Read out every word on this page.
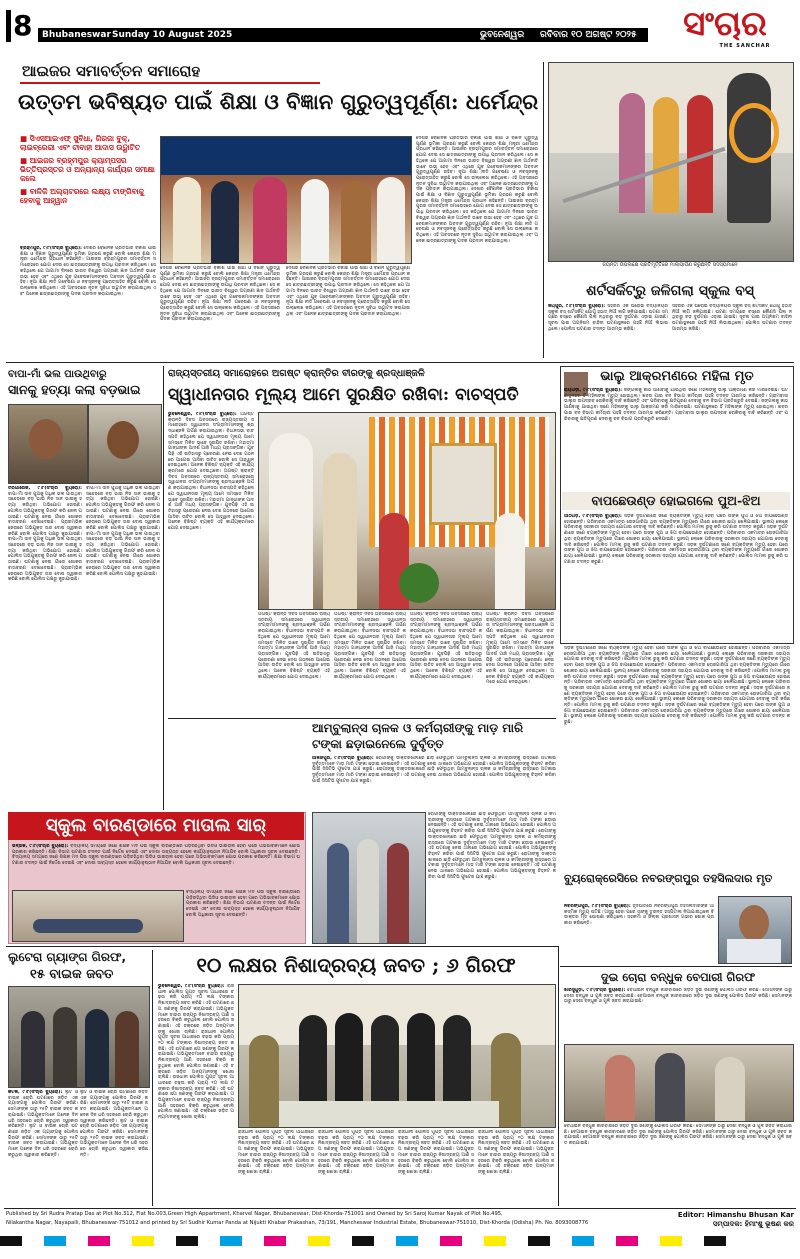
8 Bhubaneswar Sunday 10 August 2025	ଭୁବନେଶ୍ୱର ରବିବାର ୧୦ ଅଗଷ୍ଟ ୨୦୨୫	ସଂଚାର
THE SANCHAR
ଆଇଜର ସମାବର୍ତ୍ତନ ସମାରୋହ
ଉତ୍ତମ ଭବିଷ୍ୟତ ପାଇଁ ଶିକ୍ଷା ଓ ବିଜ୍ଞାନ ଗୁରୁତ୍ୱପୂର୍ଣ୍ଣ: ଧର୍ମେନ୍ଦ୍ର
■ ସିଏସଆଇଏଫ୍ ସୁବିଧା, ଗିରଜା ବୁକ୍, ଲାଇବ୍ରେରୀ ଏବଂ ଚୀବାହୀ ଆଦାସ ଉଦ୍ଘାଟିତ
■ ଆଇଜର ବ୍ରହ୍ମପୁର କ୍ୟାମ୍ପସର ଭିତ୍ତିପ୍ରସ୍ତର ଓ ଅନ୍ୟାନ୍ୟ କାର୍ଯ୍ୟର ସମୀକ୍ଷା କଲେ
■ ବାଳିକି ଅଲ୍ଚାଟରରେ ଲକ୍ଷ୍ୟ ଟାଙ୍ଗିବାକୁ ହେବାକୁ ଆହ୍ୱାନ
ବ୍ରହ୍ମପୁର, ୯।୮(ସଂଚାର ବ୍ୟୁରୋ): ଦେଶର ବୈଜ୍ଞାନିକ ପ୍ରତିଭାର ବିକାଶ ପାଇଁ ଶିକ୍ଷା ଓ ବିଜ୍ଞାନ ଗୁରୁତ୍ୱପୂର୍ଣ୍ଣ ଭୂମିକା ଗ୍ରହଣ କରୁଛି ବୋଲି କେନ୍ଦ୍ର ଶିକ୍ଷା ମନ୍ତ୍ରୀ ଧର୍ମେନ୍ଦ୍ର ପ୍ରଧାନ କହିଛନ୍ତି। ଆଇଜର ବ୍ରହ୍ମପୁରର ସମାବର୍ତ୍ତନ ସମାରୋହରେ ଯୋଗ ଦେଇ ସେ ଛାତ୍ରଛାତ୍ରୀଙ୍କୁ ଉପାଧି ପ୍ରଦାନ କରିଥିଲେ। ସେ କହିଥିଲେ ଯେ ଆଗାମୀ ଦିନରେ ଭାରତ ବିଶ୍ୱର ଅଗ୍ରଣୀ ଜ୍ଞାନ ଅର୍ଥନୀତି ଭାବେ ଉଭା ହେବ ଏବଂ ଏଥିରେ ଯୁବ ଗବେଷକମାନଙ୍କର ଅବଦାନ ଗୁରୁତ୍ୱପୂର୍ଣ୍ଣ ରହିବ। ନୂଆ ଶିକ୍ଷା ନୀତି ଗବେଷଣା ଓ ନବସୃଜନକୁ ପ୍ରୋତ୍ସାହିତ କରୁଛି ବୋଲି ସେ ଉଲ୍ଲେଖ କରିଥିଲେ। ଏହି ଅବସରରେ ନୂତନ ସୁବିଧା ଉଦ୍ଘାଟନ କରାଯାଇଥିଲା ଏବଂ ଅନେକ ଛାତ୍ରଛାତ୍ରୀଙ୍କୁ ପଦକ ପ୍ରଦାନ କରାଯାଇଥିଲା।
ଦେଶର ବୈଜ୍ଞାନିକ ପ୍ରତିଭାର ବିକାଶ ପାଇଁ ଶିକ୍ଷା ଓ ବିଜ୍ଞାନ ଗୁରୁତ୍ୱପୂର୍ଣ୍ଣ ଭୂମିକା ଗ୍ରହଣ କରୁଛି ବୋଲି କେନ୍ଦ୍ର ଶିକ୍ଷା ମନ୍ତ୍ରୀ ଧର୍ମେନ୍ଦ୍ର ପ୍ରଧାନ କହିଛନ୍ତି। ଆଇଜର ବ୍ରହ୍ମପୁରର ସମାବର୍ତ୍ତନ ସମାରୋହରେ ଯୋଗ ଦେଇ ସେ ଛାତ୍ରଛାତ୍ରୀଙ୍କୁ ଉପାଧି ପ୍ରଦାନ କରିଥିଲେ। ସେ କହିଥିଲେ ଯେ ଆଗାମୀ ଦିନରେ ଭାରତ ବିଶ୍ୱର ଅଗ୍ରଣୀ ଜ୍ଞାନ ଅର୍ଥନୀତି ଭାବେ ଉଭା ହେବ ଏବଂ ଏଥିରେ ଯୁବ ଗବେଷକମାନଙ୍କର ଅବଦାନ ଗୁରୁତ୍ୱପୂର୍ଣ୍ଣ ରହିବ। ନୂଆ ଶିକ୍ଷା ନୀତି ଗବେଷଣା ଓ ନବସୃଜନକୁ ପ୍ରୋତ୍ସାହିତ କରୁଛି ବୋଲି ସେ ଉଲ୍ଲେଖ କରିଥିଲେ। ଏହି ଅବସରରେ ନୂତନ ସୁବିଧା ଉଦ୍ଘାଟନ କରାଯାଇଥିଲା ଏବଂ ଅନେକ ଛାତ୍ରଛାତ୍ରୀଙ୍କୁ ପଦକ ପ୍ରଦାନ କରାଯାଇଥିଲା।
ଦେଶର ବୈଜ୍ଞାନିକ ପ୍ରତିଭାର ବିକାଶ ପାଇଁ ଶିକ୍ଷା ଓ ବିଜ୍ଞାନ ଗୁରୁତ୍ୱପୂର୍ଣ୍ଣ ଭୂମିକା ଗ୍ରହଣ କରୁଛି ବୋଲି କେନ୍ଦ୍ର ଶିକ୍ଷା ମନ୍ତ୍ରୀ ଧର୍ମେନ୍ଦ୍ର ପ୍ରଧାନ କହିଛନ୍ତି। ଆଇଜର ବ୍ରହ୍ମପୁରର ସମାବର୍ତ୍ତନ ସମାରୋହରେ ଯୋଗ ଦେଇ ସେ ଛାତ୍ରଛାତ୍ରୀଙ୍କୁ ଉପାଧି ପ୍ରଦାନ କରିଥିଲେ। ସେ କହିଥିଲେ ଯେ ଆଗାମୀ ଦିନରେ ଭାରତ ବିଶ୍ୱର ଅଗ୍ରଣୀ ଜ୍ଞାନ ଅର୍ଥନୀତି ଭାବେ ଉଭା ହେବ ଏବଂ ଏଥିରେ ଯୁବ ଗବେଷକମାନଙ୍କର ଅବଦାନ ଗୁରୁତ୍ୱପୂର୍ଣ୍ଣ ରହିବ। ନୂଆ ଶିକ୍ଷା ନୀତି ଗବେଷଣା ଓ ନବସୃଜନକୁ ପ୍ରୋତ୍ସାହିତ କରୁଛି ବୋଲି ସେ ଉଲ୍ଲେଖ କରିଥିଲେ। ଏହି ଅବସରରେ ନୂତନ ସୁବିଧା ଉଦ୍ଘାଟନ କରାଯାଇଥିଲା ଏବଂ ଅନେକ ଛାତ୍ରଛାତ୍ରୀଙ୍କୁ ପଦକ ପ୍ରଦାନ କରାଯାଇଥିଲା।
ଦେଶର ବୈଜ୍ଞାନିକ ପ୍ରତିଭାର ବିକାଶ ପାଇଁ ଶିକ୍ଷା ଓ ବିଜ୍ଞାନ ଗୁରୁତ୍ୱପୂର୍ଣ୍ଣ ଭୂମିକା ଗ୍ରହଣ କରୁଛି ବୋଲି କେନ୍ଦ୍ର ଶିକ୍ଷା ମନ୍ତ୍ରୀ ଧର୍ମେନ୍ଦ୍ର ପ୍ରଧାନ କହିଛନ୍ତି। ଆଇଜର ବ୍ରହ୍ମପୁରର ସମାବର୍ତ୍ତନ ସମାରୋହରେ ଯୋଗ ଦେଇ ସେ ଛାତ୍ରଛାତ୍ରୀଙ୍କୁ ଉପାଧି ପ୍ରଦାନ କରିଥିଲେ। ସେ କହିଥିଲେ ଯେ ଆଗାମୀ ଦିନରେ ଭାରତ ବିଶ୍ୱର ଅଗ୍ରଣୀ ଜ୍ଞାନ ଅର୍ଥନୀତି ଭାବେ ଉଭା ହେବ ଏବଂ ଏଥିରେ ଯୁବ ଗବେଷକମାନଙ୍କର ଅବଦାନ ଗୁରୁତ୍ୱପୂର୍ଣ୍ଣ ରହିବ। ନୂଆ ଶିକ୍ଷା ନୀତି ଗବେଷଣା ଓ ନବସୃଜନକୁ ପ୍ରୋତ୍ସାହିତ କରୁଛି ବୋଲି ସେ ଉଲ୍ଲେଖ କରିଥିଲେ। ଏହି ଅବସରରେ ନୂତନ ସୁବିଧା ଉଦ୍ଘାଟନ କରାଯାଇଥିଲା ଏବଂ ଅନେକ ଛାତ୍ରଛାତ୍ରୀଙ୍କୁ ପଦକ ପ୍ରଦାନ କରାଯାଇଥିଲା। ଦେଶର ବୈଜ୍ଞାନିକ ପ୍ରତିଭାର ବିକାଶ ପାଇଁ ଶିକ୍ଷା ଓ ବିଜ୍ଞାନ ଗୁରୁତ୍ୱପୂର୍ଣ୍ଣ ଭୂମିକା ଗ୍ରହଣ କରୁଛି ବୋଲି କେନ୍ଦ୍ର ଶିକ୍ଷା ମନ୍ତ୍ରୀ ଧର୍ମେନ୍ଦ୍ର ପ୍ରଧାନ କହିଛନ୍ତି। ଆଇଜର ବ୍ରହ୍ମପୁରର ସମାବର୍ତ୍ତନ ସମାରୋହରେ ଯୋଗ ଦେଇ ସେ ଛାତ୍ରଛାତ୍ରୀଙ୍କୁ ଉପାଧି ପ୍ରଦାନ କରିଥିଲେ। ସେ କହିଥିଲେ ଯେ ଆଗାମୀ ଦିନରେ ଭାରତ ବିଶ୍ୱର ଅଗ୍ରଣୀ ଜ୍ଞାନ ଅର୍ଥନୀତି ଭାବେ ଉଭା ହେବ ଏବଂ ଏଥିରେ ଯୁବ ଗବେଷକମାନଙ୍କର ଅବଦାନ ଗୁରୁତ୍ୱପୂର୍ଣ୍ଣ ରହିବ। ନୂଆ ଶିକ୍ଷା ନୀତି ଗବେଷଣା ଓ ନବସୃଜନକୁ ପ୍ରୋତ୍ସାହିତ କରୁଛି ବୋଲି ସେ ଉଲ୍ଲେଖ କରିଥିଲେ। ଏହି ଅବସରରେ ନୂତନ ସୁବିଧା ଉଦ୍ଘାଟନ କରାଯାଇଥିଲା ଏବଂ ଅନେକ ଛାତ୍ରଛାତ୍ରୀଙ୍କୁ ପଦକ ପ୍ରଦାନ କରାଯାଇଥିଲା।
ଜୟନ୍ତୀ ଉପଲକ୍ଷେ ପ୍ରତିମୂର୍ତ୍ତିରେ ମାଲ୍ୟାର୍ପଣ କରୁଛନ୍ତି ସଦସ୍ୟମାନେ
ଶର୍ଟସର୍କିଟ୍‌ରୁ ଜଳିଗଲା ସ୍କୁଲ ବସ୍
ଜୟପୁର, ୯।୮(ସଂଚାର ବ୍ୟୁରୋ): ସହରର ଏକ ଘରୋଇ ବିଦ୍ୟାଳୟର ସ୍କୁଲ ବସ୍ ଶର୍ଟସର୍କିଟ୍ ଯୋଗୁଁ ହଠାତ୍ ନିଆଁ ଲାଗି ଜଳିଯାଇଛି। ଘଟଣା ସମୟରେ ବସ୍‌ରେ କୌଣସି ପିଲା ନଥିବାରୁ ବଡ଼ ଦୁର୍ଘଟଣା ଏଡ଼ାଇ ଯାଇଛି। ସୂଚନା ପାଇ ଅଗ୍ନିଶମ ବାହିନୀ ଘଟଣାସ୍ଥଳରେ ପହଞ୍ଚି ନିଆଁ ଲିଭାଇଥିଲେ। ପୋଲିସ ଘଟଣାର ତଦନ୍ତ ଆରମ୍ଭ କରିଛି।
ସହରର ଏକ ଘରୋଇ ବିଦ୍ୟାଳୟର ସ୍କୁଲ ବସ୍ ଶର୍ଟସର୍କିଟ୍ ଯୋଗୁଁ ହଠାତ୍ ନିଆଁ ଲାଗି ଜଳିଯାଇଛି। ଘଟଣା ସମୟରେ ବସ୍‌ରେ କୌଣସି ପିଲା ନଥିବାରୁ ବଡ଼ ଦୁର୍ଘଟଣା ଏଡ଼ାଇ ଯାଇଛି। ସୂଚନା ପାଇ ଅଗ୍ନିଶମ ବାହିନୀ ଘଟଣାସ୍ଥଳରେ ପହଞ୍ଚି ନିଆଁ ଲିଭାଇଥିଲେ। ପୋଲିସ ଘଟଣାର ତଦନ୍ତ ଆରମ୍ଭ କରିଛି।
ବାପା-ମାଁ ଭଲ ପାଉଥିବାରୁ
ସାନକୁ ହତ୍ୟା କଲା ବଡ଼ଭାଇ
ତିରିଗାରେକ, ୯।୮(ସଂଚାର ବ୍ୟୁରୋ): ବାପା-ମାଁ ସାନ ପୁଅକୁ ଅଧିକ ଭଲ ପାଉଥିବା ସନ୍ଦେହରେ ବଡ଼ ଭାଇ ନିଜ ସାନ ଭାଇକୁ ହତ୍ୟା କରିଥିବା ଅଭିଯୋଗ ହୋଇଛି। ପୋଲିସ ଅଭିଯୁକ୍ତକୁ ଗିରଫ କରି ଜେଲ ପଠାଇଛି। ଘଟଣାକୁ ନେଇ ଗାଁରେ ଶୋକର ବାତାବରଣ ଦେଖାଦେଇଛି। ପ୍ରାରମ୍ଭିକ ଜେରାରେ ଅଭିଯୁକ୍ତ ତାର ଦୋଷ ସ୍ୱୀକାର କରିଛି ବୋଲି ପୋଲିସ ପକ୍ଷରୁ କୁହାଯାଇଛି। ବାପା-ମାଁ ସାନ ପୁଅକୁ ଅଧିକ ଭଲ ପାଉଥିବା ସନ୍ଦେହରେ ବଡ଼ ଭାଇ ନିଜ ସାନ ଭାଇକୁ ହତ୍ୟା କରିଥିବା ଅଭିଯୋଗ ହୋଇଛି। ପୋଲିସ ଅଭିଯୁକ୍ତକୁ ଗିରଫ କରି ଜେଲ ପଠାଇଛି। ଘଟଣାକୁ ନେଇ ଗାଁରେ ଶୋକର ବାତାବରଣ ଦେଖାଦେଇଛି। ପ୍ରାରମ୍ଭିକ ଜେରାରେ ଅଭିଯୁକ୍ତ ତାର ଦୋଷ ସ୍ୱୀକାର କରିଛି ବୋଲି ପୋଲିସ ପକ୍ଷରୁ କୁହାଯାଇଛି।
ବାପା-ମାଁ ସାନ ପୁଅକୁ ଅଧିକ ଭଲ ପାଉଥିବା ସନ୍ଦେହରେ ବଡ଼ ଭାଇ ନିଜ ସାନ ଭାଇକୁ ହତ୍ୟା କରିଥିବା ଅଭିଯୋଗ ହୋଇଛି। ପୋଲିସ ଅଭିଯୁକ୍ତକୁ ଗିରଫ କରି ଜେଲ ପଠାଇଛି। ଘଟଣାକୁ ନେଇ ଗାଁରେ ଶୋକର ବାତାବରଣ ଦେଖାଦେଇଛି। ପ୍ରାରମ୍ଭିକ ଜେରାରେ ଅଭିଯୁକ୍ତ ତାର ଦୋଷ ସ୍ୱୀକାର କରିଛି ବୋଲି ପୋଲିସ ପକ୍ଷରୁ କୁହାଯାଇଛି। ବାପା-ମାଁ ସାନ ପୁଅକୁ ଅଧିକ ଭଲ ପାଉଥିବା ସନ୍ଦେହରେ ବଡ଼ ଭାଇ ନିଜ ସାନ ଭାଇକୁ ହତ୍ୟା କରିଥିବା ଅଭିଯୋଗ ହୋଇଛି। ପୋଲିସ ଅଭିଯୁକ୍ତକୁ ଗିରଫ କରି ଜେଲ ପଠାଇଛି। ଘଟଣାକୁ ନେଇ ଗାଁରେ ଶୋକର ବାତାବରଣ ଦେଖାଦେଇଛି। ପ୍ରାରମ୍ଭିକ ଜେରାରେ ଅଭିଯୁକ୍ତ ତାର ଦୋଷ ସ୍ୱୀକାର କରିଛି ବୋଲି ପୋଲିସ ପକ୍ଷରୁ କୁହାଯାଇଛି।
ରାଜ୍ୟସ୍ତରୀୟ ସମାରୋହରେ ଅଗଷ୍ଟ କ୍ରାନ୍ତିର ବୀରଙ୍କୁ ଶ୍ରଦ୍ଧାଞ୍ଜଳି
ସ୍ୱାଧୀନତାର ମୂଲ୍ୟ ଆମେ ସୁରକ୍ଷିତ ରଖିବା: ବାଚସ୍ପତି
ଭୁବନେଶ୍ୱର, ୯।୮(ସଂଚାର ବ୍ୟୁରୋ): ଅଗଷ୍ଟ କ୍ରାନ୍ତି ଦିବସ ଅବସରରେ ରାଜ୍ୟସ୍ତରୀୟ ସମାରୋହରେ ସ୍ୱାଧୀନତା ସଂଗ୍ରାମୀମାନଙ୍କୁ ଶ୍ରଦ୍ଧାଞ୍ଜଳି ଅର୍ପଣ କରାଯାଇଥିଲା। ବିଧାନସଭା ବାଚସ୍ପତି କହିଥିଲେ ଯେ ସ୍ୱାଧୀନତାର ମୂଲ୍ୟ ଆମେ ସମସ୍ତେ ମିଳିତ ଭାବେ ସୁରକ୍ଷିତ ରଖିବା। ମହାତ୍ମା ଗାନ୍ଧୀଙ୍କ ଆଦର୍ଶ ଆଜି ମଧ୍ୟ ପ୍ରାସଙ୍ଗିକ। ଯୁବପିଢ଼ି ଏହି ଇତିହାସରୁ ପ୍ରେରଣା ନେଇ ଦେଶ ଗଠନରେ ଆଗେଇ ଆସିବା ଉଚିତ ବୋଲି ସେ ଆହ୍ୱାନ ଦେଇଥିଲେ। ଅନେକ ବିଶିଷ୍ଟ ବ୍ୟକ୍ତି ଏହି କାର୍ଯ୍ୟକ୍ରମରେ ଯୋଗ ଦେଇଥିଲେ। ଅଗଷ୍ଟ କ୍ରାନ୍ତି ଦିବସ ଅବସରରେ ରାଜ୍ୟସ୍ତରୀୟ ସମାରୋହରେ ସ୍ୱାଧୀନତା ସଂଗ୍ରାମୀମାନଙ୍କୁ ଶ୍ରଦ୍ଧାଞ୍ଜଳି ଅର୍ପଣ କରାଯାଇଥିଲା। ବିଧାନସଭା ବାଚସ୍ପତି କହିଥିଲେ ଯେ ସ୍ୱାଧୀନତାର ମୂଲ୍ୟ ଆମେ ସମସ୍ତେ ମିଳିତ ଭାବେ ସୁରକ୍ଷିତ ରଖିବା। ମହାତ୍ମା ଗାନ୍ଧୀଙ୍କ ଆଦର୍ଶ ଆଜି ମଧ୍ୟ ପ୍ରାସଙ୍ଗିକ। ଯୁବପିଢ଼ି ଏହି ଇତିହାସରୁ ପ୍ରେରଣା ନେଇ ଦେଶ ଗଠନରେ ଆଗେଇ ଆସିବା ଉଚିତ ବୋଲି ସେ ଆହ୍ୱାନ ଦେଇଥିଲେ। ଅନେକ ବିଶିଷ୍ଟ ବ୍ୟକ୍ତି ଏହି କାର୍ଯ୍ୟକ୍ରମରେ ଯୋଗ ଦେଇଥିଲେ।
ଅଗଷ୍ଟ କ୍ରାନ୍ତି ଦିବସ ଅବସରରେ ରାଜ୍ୟସ୍ତରୀୟ ସମାରୋହରେ ସ୍ୱାଧୀନତା ସଂଗ୍ରାମୀମାନଙ୍କୁ ଶ୍ରଦ୍ଧାଞ୍ଜଳି ଅର୍ପଣ କରାଯାଇଥିଲା। ବିଧାନସଭା ବାଚସ୍ପତି କହିଥିଲେ ଯେ ସ୍ୱାଧୀନତାର ମୂଲ୍ୟ ଆମେ ସମସ୍ତେ ମିଳିତ ଭାବେ ସୁରକ୍ଷିତ ରଖିବା। ମହାତ୍ମା ଗାନ୍ଧୀଙ୍କ ଆଦର୍ଶ ଆଜି ମଧ୍ୟ ପ୍ରାସଙ୍ଗିକ। ଯୁବପିଢ଼ି ଏହି ଇତିହାସରୁ ପ୍ରେରଣା ନେଇ ଦେଶ ଗଠନରେ ଆଗେଇ ଆସିବା ଉଚିତ ବୋଲି ସେ ଆହ୍ୱାନ ଦେଇଥିଲେ। ଅନେକ ବିଶିଷ୍ଟ ବ୍ୟକ୍ତି ଏହି କାର୍ଯ୍ୟକ୍ରମରେ ଯୋଗ ଦେଇଥିଲେ।
ଅଗଷ୍ଟ କ୍ରାନ୍ତି ଦିବସ ଅବସରରେ ରାଜ୍ୟସ୍ତରୀୟ ସମାରୋହରେ ସ୍ୱାଧୀନତା ସଂଗ୍ରାମୀମାନଙ୍କୁ ଶ୍ରଦ୍ଧାଞ୍ଜଳି ଅର୍ପଣ କରାଯାଇଥିଲା। ବିଧାନସଭା ବାଚସ୍ପତି କହିଥିଲେ ଯେ ସ୍ୱାଧୀନତାର ମୂଲ୍ୟ ଆମେ ସମସ୍ତେ ମିଳିତ ଭାବେ ସୁରକ୍ଷିତ ରଖିବା। ମହାତ୍ମା ଗାନ୍ଧୀଙ୍କ ଆଦର୍ଶ ଆଜି ମଧ୍ୟ ପ୍ରାସଙ୍ଗିକ। ଯୁବପିଢ଼ି ଏହି ଇତିହାସରୁ ପ୍ରେରଣା ନେଇ ଦେଶ ଗଠନରେ ଆଗେଇ ଆସିବା ଉଚିତ ବୋଲି ସେ ଆହ୍ୱାନ ଦେଇଥିଲେ। ଅନେକ ବିଶିଷ୍ଟ ବ୍ୟକ୍ତି ଏହି କାର୍ଯ୍ୟକ୍ରମରେ ଯୋଗ ଦେଇଥିଲେ।
ଅଗଷ୍ଟ କ୍ରାନ୍ତି ଦିବସ ଅବସରରେ ରାଜ୍ୟସ୍ତରୀୟ ସମାରୋହରେ ସ୍ୱାଧୀନତା ସଂଗ୍ରାମୀମାନଙ୍କୁ ଶ୍ରଦ୍ଧାଞ୍ଜଳି ଅର୍ପଣ କରାଯାଇଥିଲା। ବିଧାନସଭା ବାଚସ୍ପତି କହିଥିଲେ ଯେ ସ୍ୱାଧୀନତାର ମୂଲ୍ୟ ଆମେ ସମସ୍ତେ ମିଳିତ ଭାବେ ସୁରକ୍ଷିତ ରଖିବା। ମହାତ୍ମା ଗାନ୍ଧୀଙ୍କ ଆଦର୍ଶ ଆଜି ମଧ୍ୟ ପ୍ରାସଙ୍ଗିକ। ଯୁବପିଢ଼ି ଏହି ଇତିହାସରୁ ପ୍ରେରଣା ନେଇ ଦେଶ ଗଠନରେ ଆଗେଇ ଆସିବା ଉଚିତ ବୋଲି ସେ ଆହ୍ୱାନ ଦେଇଥିଲେ। ଅନେକ ବିଶିଷ୍ଟ ବ୍ୟକ୍ତି ଏହି କାର୍ଯ୍ୟକ୍ରମରେ ଯୋଗ ଦେଇଥିଲେ।
ଅଗଷ୍ଟ କ୍ରାନ୍ତି ଦିବସ ଅବସରରେ ରାଜ୍ୟସ୍ତରୀୟ ସମାରୋହରେ ସ୍ୱାଧୀନତା ସଂଗ୍ରାମୀମାନଙ୍କୁ ଶ୍ରଦ୍ଧାଞ୍ଜଳି ଅର୍ପଣ କରାଯାଇଥିଲା। ବିଧାନସଭା ବାଚସ୍ପତି କହିଥିଲେ ଯେ ସ୍ୱାଧୀନତାର ମୂଲ୍ୟ ଆମେ ସମସ୍ତେ ମିଳିତ ଭାବେ ସୁରକ୍ଷିତ ରଖିବା। ମହାତ୍ମା ଗାନ୍ଧୀଙ୍କ ଆଦର୍ଶ ଆଜି ମଧ୍ୟ ପ୍ରାସଙ୍ଗିକ। ଯୁବପିଢ଼ି ଏହି ଇତିହାସରୁ ପ୍ରେରଣା ନେଇ ଦେଶ ଗଠନରେ ଆଗେଇ ଆସିବା ଉଚିତ ବୋଲି ସେ ଆହ୍ୱାନ ଦେଇଥିଲେ। ଅନେକ ବିଶିଷ୍ଟ ବ୍ୟକ୍ତି ଏହି କାର୍ଯ୍ୟକ୍ରମରେ ଯୋଗ ଦେଇଥିଲେ।
ଭାଲୁ ଆକ୍ରମଣରେ ମହିଳା ମୃତ
ରାୟଗଡ଼ା, ୯।୮(ସଂଚାର ବ୍ୟୁରୋ): ଜଙ୍ଗଲକୁ କାଠ ଆଣିବାକୁ ଯାଇଥିବା ଜଣେ ମହିଳାଙ୍କୁ ଭାଲୁ ଆକ୍ରମଣ କରି ମାରିଦେଇଛି। ଘଟଣାସ୍ଥଳରେ ହିଁ ମହିଳାଙ୍କ ମୃତ୍ୟୁ ହୋଇଥିଲା। ଖବର ପାଇ ବନ ବିଭାଗ କର୍ମଚାରୀ ପହଞ୍ଚି ତଦନ୍ତ ଆରମ୍ଭ କରିଛନ୍ତି। ଗ୍ରାମବାସୀ ଭାଲୁର ଉପଦ୍ରବ ରୋକିବାକୁ ଦାବି କରିଛନ୍ତି ଏବଂ ପରିବାରକୁ କ୍ଷତିପୂରଣ ଦେବାକୁ ବନ ବିଭାଗ ପ୍ରତିଶ୍ରୁତି ଦେଇଛି। ଜଙ୍ଗଲକୁ କାଠ ଆଣିବାକୁ ଯାଇଥିବା ଜଣେ ମହିଳାଙ୍କୁ ଭାଲୁ ଆକ୍ରମଣ କରି ମାରିଦେଇଛି। ଘଟଣାସ୍ଥଳରେ ହିଁ ମହିଳାଙ୍କ ମୃତ୍ୟୁ ହୋଇଥିଲା। ଖବର ପାଇ ବନ ବିଭାଗ କର୍ମଚାରୀ ପହଞ୍ଚି ତଦନ୍ତ ଆରମ୍ଭ କରିଛନ୍ତି। ଗ୍ରାମବାସୀ ଭାଲୁର ଉପଦ୍ରବ ରୋକିବାକୁ ଦାବି କରିଛନ୍ତି ଏବଂ ପରିବାରକୁ କ୍ଷତିପୂରଣ ଦେବାକୁ ବନ ବିଭାଗ ପ୍ରତିଶ୍ରୁତି ଦେଇଛି।
ବାପଛେଉଣ୍ଡ ହୋଇଗଲେ ପୁଅ-ଝିଅ
ଆଠଗଡ଼, ୯।୮(ସଂଚାର ବ୍ୟୁରୋ): ସଡ଼କ ଦୁର୍ଘଟଣାରେ ଜଣେ ବ୍ୟକ୍ତିଙ୍କ ମୃତ୍ୟୁ ହେବା ପରେ ତାଙ୍କ ପୁଅ ଓ ଝିଅ ବାପଛେଉଣ୍ଡ ହୋଇଛନ୍ତି। ପରିବାରର ଏକମାତ୍ର ରୋଜଗାରିଆ ଥିବା ବ୍ୟକ୍ତିଙ୍କ ମୃତ୍ୟୁରେ ଗାଁରେ ଶୋକର ଛାୟା ଖେଳିଯାଇଛି। ସ୍ଥାନୀୟ ଲୋକେ ପରିବାରକୁ ସରକାରୀ ସହାୟତା ଯୋଗାଇ ଦେବାକୁ ଦାବି କରିଛନ୍ତି। ପୋଲିସ ମାମଲା ରୁଜୁ କରି ଘଟଣାର ତଦନ୍ତ କରୁଛି। ସଡ଼କ ଦୁର୍ଘଟଣାରେ ଜଣେ ବ୍ୟକ୍ତିଙ୍କ ମୃତ୍ୟୁ ହେବା ପରେ ତାଙ୍କ ପୁଅ ଓ ଝିଅ ବାପଛେଉଣ୍ଡ ହୋଇଛନ୍ତି। ପରିବାରର ଏକମାତ୍ର ରୋଜଗାରିଆ ଥିବା ବ୍ୟକ୍ତିଙ୍କ ମୃତ୍ୟୁରେ ଗାଁରେ ଶୋକର ଛାୟା ଖେଳିଯାଇଛି। ସ୍ଥାନୀୟ ଲୋକେ ପରିବାରକୁ ସରକାରୀ ସହାୟତା ଯୋଗାଇ ଦେବାକୁ ଦାବି କରିଛନ୍ତି। ପୋଲିସ ମାମଲା ରୁଜୁ କରି ଘଟଣାର ତଦନ୍ତ କରୁଛି। ସଡ଼କ ଦୁର୍ଘଟଣାରେ ଜଣେ ବ୍ୟକ୍ତିଙ୍କ ମୃତ୍ୟୁ ହେବା ପରେ ତାଙ୍କ ପୁଅ ଓ ଝିଅ ବାପଛେଉଣ୍ଡ ହୋଇଛନ୍ତି। ପରିବାରର ଏକମାତ୍ର ରୋଜଗାରିଆ ଥିବା ବ୍ୟକ୍ତିଙ୍କ ମୃତ୍ୟୁରେ ଗାଁରେ ଶୋକର ଛାୟା ଖେଳିଯାଇଛି। ସ୍ଥାନୀୟ ଲୋକେ ପରିବାରକୁ ସରକାରୀ ସହାୟତା ଯୋଗାଇ ଦେବାକୁ ଦାବି କରିଛନ୍ତି। ପୋଲିସ ମାମଲା ରୁଜୁ କରି ଘଟଣାର ତଦନ୍ତ କରୁଛି।
ସଡ଼କ ଦୁର୍ଘଟଣାରେ ଜଣେ ବ୍ୟକ୍ତିଙ୍କ ମୃତ୍ୟୁ ହେବା ପରେ ତାଙ୍କ ପୁଅ ଓ ଝିଅ ବାପଛେଉଣ୍ଡ ହୋଇଛନ୍ତି। ପରିବାରର ଏକମାତ୍ର ରୋଜଗାରିଆ ଥିବା ବ୍ୟକ୍ତିଙ୍କ ମୃତ୍ୟୁରେ ଗାଁରେ ଶୋକର ଛାୟା ଖେଳିଯାଇଛି। ସ୍ଥାନୀୟ ଲୋକେ ପରିବାରକୁ ସରକାରୀ ସହାୟତା ଯୋଗାଇ ଦେବାକୁ ଦାବି କରିଛନ୍ତି। ପୋଲିସ ମାମଲା ରୁଜୁ କରି ଘଟଣାର ତଦନ୍ତ କରୁଛି। ସଡ଼କ ଦୁର୍ଘଟଣାରେ ଜଣେ ବ୍ୟକ୍ତିଙ୍କ ମୃତ୍ୟୁ ହେବା ପରେ ତାଙ୍କ ପୁଅ ଓ ଝିଅ ବାପଛେଉଣ୍ଡ ହୋଇଛନ୍ତି। ପରିବାରର ଏକମାତ୍ର ରୋଜଗାରିଆ ଥିବା ବ୍ୟକ୍ତିଙ୍କ ମୃତ୍ୟୁରେ ଗାଁରେ ଶୋକର ଛାୟା ଖେଳିଯାଇଛି। ସ୍ଥାନୀୟ ଲୋକେ ପରିବାରକୁ ସରକାରୀ ସହାୟତା ଯୋଗାଇ ଦେବାକୁ ଦାବି କରିଛନ୍ତି। ପୋଲିସ ମାମଲା ରୁଜୁ କରି ଘଟଣାର ତଦନ୍ତ କରୁଛି। ସଡ଼କ ଦୁର୍ଘଟଣାରେ ଜଣେ ବ୍ୟକ୍ତିଙ୍କ ମୃତ୍ୟୁ ହେବା ପରେ ତାଙ୍କ ପୁଅ ଓ ଝିଅ ବାପଛେଉଣ୍ଡ ହୋଇଛନ୍ତି। ପରିବାରର ଏକମାତ୍ର ରୋଜଗାରିଆ ଥିବା ବ୍ୟକ୍ତିଙ୍କ ମୃତ୍ୟୁରେ ଗାଁରେ ଶୋକର ଛାୟା ଖେଳିଯାଇଛି। ସ୍ଥାନୀୟ ଲୋକେ ପରିବାରକୁ ସରକାରୀ ସହାୟତା ଯୋଗାଇ ଦେବାକୁ ଦାବି କରିଛନ୍ତି। ପୋଲିସ ମାମଲା ରୁଜୁ କରି ଘଟଣାର ତଦନ୍ତ କରୁଛି। ସଡ଼କ ଦୁର୍ଘଟଣାରେ ଜଣେ ବ୍ୟକ୍ତିଙ୍କ ମୃତ୍ୟୁ ହେବା ପରେ ତାଙ୍କ ପୁଅ ଓ ଝିଅ ବାପଛେଉଣ୍ଡ ହୋଇଛନ୍ତି। ପରିବାରର ଏକମାତ୍ର ରୋଜଗାରିଆ ଥିବା ବ୍ୟକ୍ତିଙ୍କ ମୃତ୍ୟୁରେ ଗାଁରେ ଶୋକର ଛାୟା ଖେଳିଯାଇଛି। ସ୍ଥାନୀୟ ଲୋକେ ପରିବାରକୁ ସରକାରୀ ସହାୟତା ଯୋଗାଇ ଦେବାକୁ ଦାବି କରିଛନ୍ତି। ପୋଲିସ ମାମଲା ରୁଜୁ କରି ଘଟଣାର ତଦନ୍ତ କରୁଛି। ସଡ଼କ ଦୁର୍ଘଟଣାରେ ଜଣେ ବ୍ୟକ୍ତିଙ୍କ ମୃତ୍ୟୁ ହେବା ପରେ ତାଙ୍କ ପୁଅ ଓ ଝିଅ ବାପଛେଉଣ୍ଡ ହୋଇଛନ୍ତି। ପରିବାରର ଏକମାତ୍ର ରୋଜଗାରିଆ ଥିବା ବ୍ୟକ୍ତିଙ୍କ ମୃତ୍ୟୁରେ ଗାଁରେ ଶୋକର ଛାୟା ଖେଳିଯାଇଛି। ସ୍ଥାନୀୟ ଲୋକେ ପରିବାରକୁ ସରକାରୀ ସହାୟତା ଯୋଗାଇ ଦେବାକୁ ଦାବି କରିଛନ୍ତି। ପୋଲିସ ମାମଲା ରୁଜୁ କରି ଘଟଣାର ତଦନ୍ତ କରୁଛି।
ଆମ୍ବୁଲାନ୍ସ ଚାଳକ ଓ କର୍ମଚାରୀଙ୍କୁ ମାଡ଼ ମାରି ଟଙ୍କା ଛଡ଼ାଇନେଲେ ଦୁର୍ବୃତ୍ତ
ଆଳନ୍ଦପୁର, ୯।୮(ସଂଚାର ବ୍ୟୁରୋ): ରୋଗୀଙ୍କୁ ଡାକ୍ତରଖାନାରେ ଛାଡ଼ି ଫେରୁଥିବା ଆମ୍ବୁଲାନ୍ସ ଚାଳକ ଓ କର୍ମଚାରୀଙ୍କୁ ରାସ୍ତାରେ ଅଟକାଇ ଦୁର୍ବୃତ୍ତମାନେ ମାଡ଼ ମାରି ଟଙ୍କା ଛଡ଼ାଇ ନେଇଛନ୍ତି। ଏହି ଘଟଣାକୁ ନେଇ ଥାନାରେ ଅଭିଯୋଗ ହୋଇଛି। ପୋଲିସ ଅଭିଯୁକ୍ତଙ୍କୁ ଚିହ୍ନଟ କରିବା ପାଇଁ ସିସିଟିଭି ଫୁଟେଜ ଯାଞ୍ଚ କରୁଛି। ରୋଗୀଙ୍କୁ ଡାକ୍ତରଖାନାରେ ଛାଡ଼ି ଫେରୁଥିବା ଆମ୍ବୁଲାନ୍ସ ଚାଳକ ଓ କର୍ମଚାରୀଙ୍କୁ ରାସ୍ତାରେ ଅଟକାଇ ଦୁର୍ବୃତ୍ତମାନେ ମାଡ଼ ମାରି ଟଙ୍କା ଛଡ଼ାଇ ନେଇଛନ୍ତି। ଏହି ଘଟଣାକୁ ନେଇ ଥାନାରେ ଅଭିଯୋଗ ହୋଇଛି। ପୋଲିସ ଅଭିଯୁକ୍ତଙ୍କୁ ଚିହ୍ନଟ କରିବା ପାଇଁ ସିସିଟିଭି ଫୁଟେଜ ଯାଞ୍ଚ କରୁଛି।
ସ୍କୁଲ ବାରଣ୍ଡାରେ ମାତାଲ ସାର୍
ଭଦ୍ରକ, ୯।୮(ସଂଚାର ବ୍ୟୁରୋ): ବିଦ୍ୟାଳୟ ସମୟରେ ଜଣେ ଶିକ୍ଷକ ମଦ ପିଇ ସ୍କୁଲ ବାରଣ୍ଡାରେ ପଡ଼ିରହିଥିବା ଭିଡିଓ ଭାଇରାଲ ହେବା ପରେ ଅଭିଭାବକମାନେ କ୍ଷୋଭ ପ୍ରକାଶ କରିଛନ୍ତି। ଶିକ୍ଷା ବିଭାଗ ଘଟଣାର ତଦନ୍ତ ପାଇଁ ନିର୍ଦ୍ଦେଶ ଦେଇଛି ଏବଂ ଦୋଷୀ ସାବ୍ୟସ୍ତ ହେଲେ କାର୍ଯ୍ୟାନୁଷ୍ଠାନ ନିଆଯିବ ବୋଲି ଅଧିକାରୀ ସୂଚନା ଦେଇଛନ୍ତି। ବିଦ୍ୟାଳୟ ସମୟରେ ଜଣେ ଶିକ୍ଷକ ମଦ ପିଇ ସ୍କୁଲ ବାରଣ୍ଡାରେ ପଡ଼ିରହିଥିବା ଭିଡିଓ ଭାଇରାଲ ହେବା ପରେ ଅଭିଭାବକମାନେ କ୍ଷୋଭ ପ୍ରକାଶ କରିଛନ୍ତି। ଶିକ୍ଷା ବିଭାଗ ଘଟଣାର ତଦନ୍ତ ପାଇଁ ନିର୍ଦ୍ଦେଶ ଦେଇଛି ଏବଂ ଦୋଷୀ ସାବ୍ୟସ୍ତ ହେଲେ କାର୍ଯ୍ୟାନୁଷ୍ଠାନ ନିଆଯିବ ବୋଲି ଅଧିକାରୀ ସୂଚନା ଦେଇଛନ୍ତି।
ବିଦ୍ୟାଳୟ ସମୟରେ ଜଣେ ଶିକ୍ଷକ ମଦ ପିଇ ସ୍କୁଲ ବାରଣ୍ଡାରେ ପଡ଼ିରହିଥିବା ଭିଡିଓ ଭାଇରାଲ ହେବା ପରେ ଅଭିଭାବକମାନେ କ୍ଷୋଭ ପ୍ରକାଶ କରିଛନ୍ତି। ଶିକ୍ଷା ବିଭାଗ ଘଟଣାର ତଦନ୍ତ ପାଇଁ ନିର୍ଦ୍ଦେଶ ଦେଇଛି ଏବଂ ଦୋଷୀ ସାବ୍ୟସ୍ତ ହେଲେ କାର୍ଯ୍ୟାନୁଷ୍ଠାନ ନିଆଯିବ ବୋଲି ଅଧିକାରୀ ସୂଚନା ଦେଇଛନ୍ତି।
ରୋଗୀଙ୍କୁ ଡାକ୍ତରଖାନାରେ ଛାଡ଼ି ଫେରୁଥିବା ଆମ୍ବୁଲାନ୍ସ ଚାଳକ ଓ କର୍ମଚାରୀଙ୍କୁ ରାସ୍ତାରେ ଅଟକାଇ ଦୁର୍ବୃତ୍ତମାନେ ମାଡ଼ ମାରି ଟଙ୍କା ଛଡ଼ାଇ ନେଇଛନ୍ତି। ଏହି ଘଟଣାକୁ ନେଇ ଥାନାରେ ଅଭିଯୋଗ ହୋଇଛି। ପୋଲିସ ଅଭିଯୁକ୍ତଙ୍କୁ ଚିହ୍ନଟ କରିବା ପାଇଁ ସିସିଟିଭି ଫୁଟେଜ ଯାଞ୍ଚ କରୁଛି। ରୋଗୀଙ୍କୁ ଡାକ୍ତରଖାନାରେ ଛାଡ଼ି ଫେରୁଥିବା ଆମ୍ବୁଲାନ୍ସ ଚାଳକ ଓ କର୍ମଚାରୀଙ୍କୁ ରାସ୍ତାରେ ଅଟକାଇ ଦୁର୍ବୃତ୍ତମାନେ ମାଡ଼ ମାରି ଟଙ୍କା ଛଡ଼ାଇ ନେଇଛନ୍ତି। ଏହି ଘଟଣାକୁ ନେଇ ଥାନାରେ ଅଭିଯୋଗ ହୋଇଛି। ପୋଲିସ ଅଭିଯୁକ୍ତଙ୍କୁ ଚିହ୍ନଟ କରିବା ପାଇଁ ସିସିଟିଭି ଫୁଟେଜ ଯାଞ୍ଚ କରୁଛି। ରୋଗୀଙ୍କୁ ଡାକ୍ତରଖାନାରେ ଛାଡ଼ି ଫେରୁଥିବା ଆମ୍ବୁଲାନ୍ସ ଚାଳକ ଓ କର୍ମଚାରୀଙ୍କୁ ରାସ୍ତାରେ ଅଟକାଇ ଦୁର୍ବୃତ୍ତମାନେ ମାଡ଼ ମାରି ଟଙ୍କା ଛଡ଼ାଇ ନେଇଛନ୍ତି। ଏହି ଘଟଣାକୁ ନେଇ ଥାନାରେ ଅଭିଯୋଗ ହୋଇଛି। ପୋଲିସ ଅଭିଯୁକ୍ତଙ୍କୁ ଚିହ୍ନଟ କରିବା ପାଇଁ ସିସିଟିଭି ଫୁଟେଜ ଯାଞ୍ଚ କରୁଛି।	ବ୍ୟୁରୋକ୍ରେସିରେ ନବରଙ୍ଗପୁର ତହସିଲଦାର ମୃତ
ନବରଙ୍ଗପୁର, ୯।୮(ସଂଚାର ବ୍ୟୁରୋ): ହୃଦଘାତରେ ନବରଙ୍ଗପୁର ତହସିଲଦାରଙ୍କ ଆକସ୍ମିକ ମୃତ୍ୟୁ ଘଟିଛି। ଅସୁସ୍ଥ ହେବା ପରେ ତାଙ୍କୁ ତୁରନ୍ତ ହସ୍ପିଟାଲ ନିଆଯାଇଥିଲେ ବି ଡାକ୍ତର ମୃତ ଘୋଷଣା କରିଥିଲେ। ସହକର୍ମୀ ଓ ଜିଲ୍ଲା ପ୍ରଶାସନ ଗଭୀର ଶୋକ ପ୍ରକାଶ କରିଛନ୍ତି।
ଲୁଟେରା ଗ୍ୟାଙ୍ଗ ଗିରଫ,
୧୫ ବାଇକ ଜବତ
କଟକ, ୯।୮(ସଂଚାର ବ୍ୟୁରୋ): ଲୁଟ ଓ ବାଇକ ଚୋରି ଘଟଣାରେ ଜଡ଼ିତ ଏକ ଗ୍ୟାଙ୍ଗକୁ ପୋଲିସ ଗିରଫ କରିଛି। ସେମାନଙ୍କ ଠାରୁ ୧୫ଟି ବାଇକ ଜବତ କରାଯାଇଛି। ଅଭିଯୁକ୍ତମାନେ ଅନେକ ଦିନ ଧରି ସହରରେ ଚୋରି କରୁଥିବା ସ୍ୱୀକାର କରିଛନ୍ତି। ଲୁଟ ଓ ବାଇକ ଚୋରି ଘଟଣାରେ ଜଡ଼ିତ ଏକ ଗ୍ୟାଙ୍ଗକୁ ପୋଲିସ ଗିରଫ କରିଛି। ସେମାନଙ୍କ ଠାରୁ ୧୫ଟି ବାଇକ ଜବତ କରାଯାଇଛି। ଅଭିଯୁକ୍ତମାନେ ଅନେକ ଦିନ ଧରି ସହରରେ ଚୋରି କରୁଥିବା ସ୍ୱୀକାର କରିଛନ୍ତି।
ଲୁଟ ଓ ବାଇକ ଚୋରି ଘଟଣାରେ ଜଡ଼ିତ ଏକ ଗ୍ୟାଙ୍ଗକୁ ପୋଲିସ ଗିରଫ କରିଛି। ସେମାନଙ୍କ ଠାରୁ ୧୫ଟି ବାଇକ ଜବତ କରାଯାଇଛି। ଅଭିଯୁକ୍ତମାନେ ଅନେକ ଦିନ ଧରି ସହରରେ ଚୋରି କରୁଥିବା ସ୍ୱୀକାର କରିଛନ୍ତି। ଲୁଟ ଓ ବାଇକ ଚୋରି ଘଟଣାରେ ଜଡ଼ିତ ଏକ ଗ୍ୟାଙ୍ଗକୁ ପୋଲିସ ଗିରଫ କରିଛି। ସେମାନଙ୍କ ଠାରୁ ୧୫ଟି ବାଇକ ଜବତ କରାଯାଇଛି। ଅଭିଯୁକ୍ତମାନେ ଅନେକ ଦିନ ଧରି ସହରରେ ଚୋରି କରୁଥିବା ସ୍ୱୀକାର କରିଛନ୍ତି।
୧୦ ଲକ୍ଷର ନିଶାଦ୍ରବ୍ୟ ଜବତ ; ୬ ଗିରଫ
ଭୁବନେଶ୍ୱର, ୯।୮(ସଂଚାର ବ୍ୟୁରୋ): ରାଜଧାନୀ ପୋଲିସ ଗୁପ୍ତ ସୂଚନା ଆଧାରରେ ଚଢ଼ଉ କରି ପ୍ରାୟ ୧୦ ଲକ୍ଷ ଟଙ୍କାର ନିଶାଦ୍ରବ୍ୟ ଜବତ କରିଛି। ଏହି ଘଟଣାରେ ଛଅ ଜଣଙ୍କୁ ଗିରଫ କରାଯାଇଛି। ଅଭିଯୁକ୍ତମାନେ ବାହାର ରାଜ୍ୟରୁ ନିଶାଦ୍ରବ୍ୟ ଆଣି ସହରରେ ବିକ୍ରି କରୁଥିଲେ ବୋଲି ପୋଲିସ ଜଣାଇଛି। ଏହି ଚକ୍ରରେ ଜଡ଼ିତ ଅନ୍ୟମାନଙ୍କୁ ଖୋଜା ଚାଲିଛି। ରାଜଧାନୀ ପୋଲିସ ଗୁପ୍ତ ସୂଚନା ଆଧାରରେ ଚଢ଼ଉ କରି ପ୍ରାୟ ୧୦ ଲକ୍ଷ ଟଙ୍କାର ନିଶାଦ୍ରବ୍ୟ ଜବତ କରିଛି। ଏହି ଘଟଣାରେ ଛଅ ଜଣଙ୍କୁ ଗିରଫ କରାଯାଇଛି। ଅଭିଯୁକ୍ତମାନେ ବାହାର ରାଜ୍ୟରୁ ନିଶାଦ୍ରବ୍ୟ ଆଣି ସହରରେ ବିକ୍ରି କରୁଥିଲେ ବୋଲି ପୋଲିସ ଜଣାଇଛି। ଏହି ଚକ୍ରରେ ଜଡ଼ିତ ଅନ୍ୟମାନଙ୍କୁ ଖୋଜା ଚାଲିଛି। ରାଜଧାନୀ ପୋଲିସ ଗୁପ୍ତ ସୂଚନା ଆଧାରରେ ଚଢ଼ଉ କରି ପ୍ରାୟ ୧୦ ଲକ୍ଷ ଟଙ୍କାର ନିଶାଦ୍ରବ୍ୟ ଜବତ କରିଛି। ଏହି ଘଟଣାରେ ଛଅ ଜଣଙ୍କୁ ଗିରଫ କରାଯାଇଛି। ଅଭିଯୁକ୍ତମାନେ ବାହାର ରାଜ୍ୟରୁ ନିଶାଦ୍ରବ୍ୟ ଆଣି ସହରରେ ବିକ୍ରି କରୁଥିଲେ ବୋଲି ପୋଲିସ ଜଣାଇଛି। ଏହି ଚକ୍ରରେ ଜଡ଼ିତ ଅନ୍ୟମାନଙ୍କୁ ଖୋଜା ଚାଲିଛି।
ରାଜଧାନୀ ପୋଲିସ ଗୁପ୍ତ ସୂଚନା ଆଧାରରେ ଚଢ଼ଉ କରି ପ୍ରାୟ ୧୦ ଲକ୍ଷ ଟଙ୍କାର ନିଶାଦ୍ରବ୍ୟ ଜବତ କରିଛି। ଏହି ଘଟଣାରେ ଛଅ ଜଣଙ୍କୁ ଗିରଫ କରାଯାଇଛି। ଅଭିଯୁକ୍ତମାନେ ବାହାର ରାଜ୍ୟରୁ ନିଶାଦ୍ରବ୍ୟ ଆଣି ସହରରେ ବିକ୍ରି କରୁଥିଲେ ବୋଲି ପୋଲିସ ଜଣାଇଛି। ଏହି ଚକ୍ରରେ ଜଡ଼ିତ ଅନ୍ୟମାନଙ୍କୁ ଖୋଜା ଚାଲିଛି।
ରାଜଧାନୀ ପୋଲିସ ଗୁପ୍ତ ସୂଚନା ଆଧାରରେ ଚଢ଼ଉ କରି ପ୍ରାୟ ୧୦ ଲକ୍ଷ ଟଙ୍କାର ନିଶାଦ୍ରବ୍ୟ ଜବତ କରିଛି। ଏହି ଘଟଣାରେ ଛଅ ଜଣଙ୍କୁ ଗିରଫ କରାଯାଇଛି। ଅଭିଯୁକ୍ତମାନେ ବାହାର ରାଜ୍ୟରୁ ନିଶାଦ୍ରବ୍ୟ ଆଣି ସହରରେ ବିକ୍ରି କରୁଥିଲେ ବୋଲି ପୋଲିସ ଜଣାଇଛି। ଏହି ଚକ୍ରରେ ଜଡ଼ିତ ଅନ୍ୟମାନଙ୍କୁ ଖୋଜା ଚାଲିଛି।
ରାଜଧାନୀ ପୋଲିସ ଗୁପ୍ତ ସୂଚନା ଆଧାରରେ ଚଢ଼ଉ କରି ପ୍ରାୟ ୧୦ ଲକ୍ଷ ଟଙ୍କାର ନିଶାଦ୍ରବ୍ୟ ଜବତ କରିଛି। ଏହି ଘଟଣାରେ ଛଅ ଜଣଙ୍କୁ ଗିରଫ କରାଯାଇଛି। ଅଭିଯୁକ୍ତମାନେ ବାହାର ରାଜ୍ୟରୁ ନିଶାଦ୍ରବ୍ୟ ଆଣି ସହରରେ ବିକ୍ରି କରୁଥିଲେ ବୋଲି ପୋଲିସ ଜଣାଇଛି। ଏହି ଚକ୍ରରେ ଜଡ଼ିତ ଅନ୍ୟମାନଙ୍କୁ ଖୋଜା ଚାଲିଛି।
ରାଜଧାନୀ ପୋଲିସ ଗୁପ୍ତ ସୂଚନା ଆଧାରରେ ଚଢ଼ଉ କରି ପ୍ରାୟ ୧୦ ଲକ୍ଷ ଟଙ୍କାର ନିଶାଦ୍ରବ୍ୟ ଜବତ କରିଛି। ଏହି ଘଟଣାରେ ଛଅ ଜଣଙ୍କୁ ଗିରଫ କରାଯାଇଛି। ଅଭିଯୁକ୍ତମାନେ ବାହାର ରାଜ୍ୟରୁ ନିଶାଦ୍ରବ୍ୟ ଆଣି ସହରରେ ବିକ୍ରି କରୁଥିଲେ ବୋଲି ପୋଲିସ ଜଣାଇଛି। ଏହି ଚକ୍ରରେ ଜଡ଼ିତ ଅନ୍ୟମାନଙ୍କୁ ଖୋଜା ଚାଲିଛି।
ଦୁଇ ଚୋରା ବନ୍ଧୁକ ବେପାରୀ ଗିରଫ
ଝାରସୁଗୁଡ଼ା, ୯।୮(ସଂଚାର ବ୍ୟୁରୋ): ବେଆଇନ ବନ୍ଧୁକ କାରବାରରେ ଜଡ଼ିତ ଦୁଇ ଜଣଙ୍କୁ ପୋଲିସ ଗିରଫ କରିଛି। ସେମାନଙ୍କ ଠାରୁ ଦେଶୀ ବନ୍ଧୁକ ଓ ଗୁଳି ଜବତ କରାଯାଇଛି। ବେଆଇନ ବନ୍ଧୁକ କାରବାରରେ ଜଡ଼ିତ ଦୁଇ ଜଣଙ୍କୁ ପୋଲିସ ଗିରଫ କରିଛି। ସେମାନଙ୍କ ଠାରୁ ଦେଶୀ ବନ୍ଧୁକ ଓ ଗୁଳି ଜବତ କରାଯାଇଛି।
ବେଆଇନ ବନ୍ଧୁକ କାରବାରରେ ଜଡ଼ିତ ଦୁଇ ଜଣଙ୍କୁ ପୋଲିସ ଗିରଫ କରିଛି। ସେମାନଙ୍କ ଠାରୁ ଦେଶୀ ବନ୍ଧୁକ ଓ ଗୁଳି ଜବତ କରାଯାଇଛି। ବେଆଇନ ବନ୍ଧୁକ କାରବାରରେ ଜଡ଼ିତ ଦୁଇ ଜଣଙ୍କୁ ପୋଲିସ ଗିରଫ କରିଛି। ସେମାନଙ୍କ ଠାରୁ ଦେଶୀ ବନ୍ଧୁକ ଓ ଗୁଳି ଜବତ କରାଯାଇଛି। ବେଆଇନ ବନ୍ଧୁକ କାରବାରରେ ଜଡ଼ିତ ଦୁଇ ଜଣଙ୍କୁ ପୋଲିସ ଗିରଫ କରିଛି। ସେମାନଙ୍କ ଠାରୁ ଦେଶୀ ବନ୍ଧୁକ ଓ ଗୁଳି ଜବତ କରାଯାଇଛି।
Published by Sri Rudra Pratap Das at Plot No.312, Flat No.003,Green High Appartment, Kharvel Nagar, Bhubaneswar, Dist-Khorda-751001 and Owned by Sri Saroj Kumar Nayak of Plot No.495,
Nilakantha Nagar, Nayapalli, Bhubaneswar-751012 and printed by Sri Sudhir Kumar Panda at Nijukti Khabar Prakashan, 73/191, Mancheswar Industrial Estate, Bhubaneswar-751010, Dist-Khorda (Odisha) Ph. No. 8093008776
Editor: Himanshu Bhusan Kar
ସମ୍ପାଦକ: ହିମାଂଶୁ ଭୂଷଣ କର
